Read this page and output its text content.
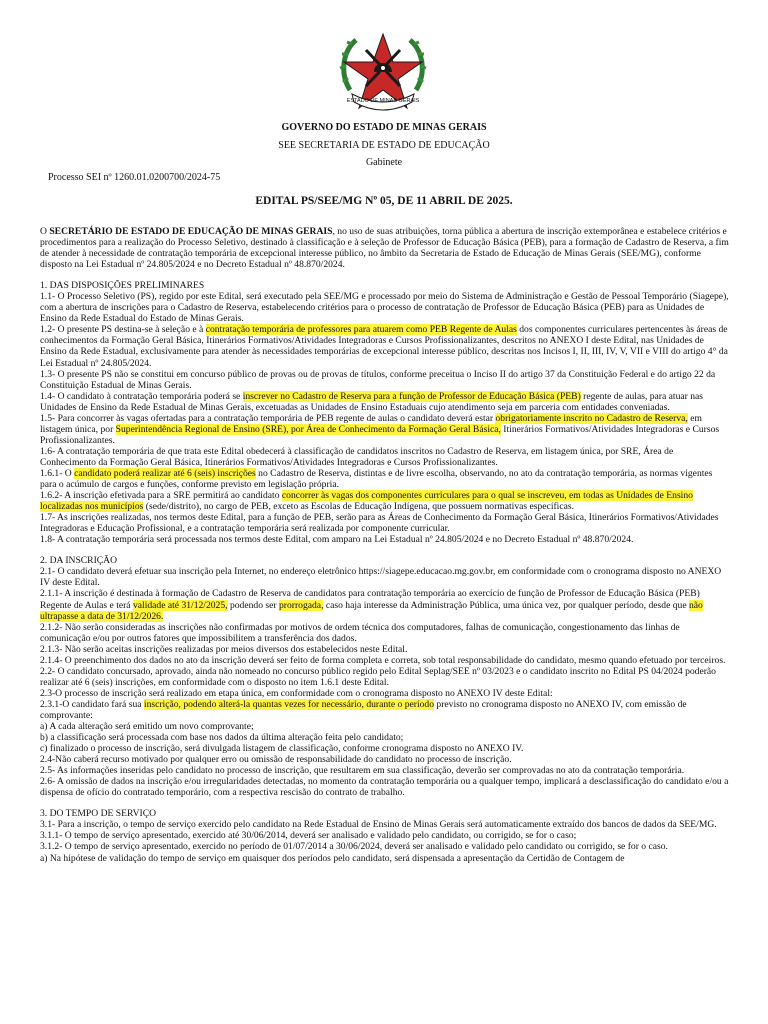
ESTADO DE MINAS GERAIS
GOVERNO DO ESTADO DE MINAS GERAIS
SEE SECRETARIA DE ESTADO DE EDUCAÇÃO
Gabinete
Processo SEI nº 1260.01.0200700/2024-75
EDITAL PS/SEE/MG Nº 05, DE 11 ABRIL DE 2025.

O SECRETÁRIO DE ESTADO DE EDUCAÇÃO DE MINAS GERAIS, no uso de suas atribuições, torna pública a abertura de inscrição extemporânea e estabelece critérios e procedimentos para a realização do Processo Seletivo, destinado à classificação e à seleção de Professor de Educação Básica (PEB), para a formação de Cadastro de Reserva, a fim de atender à necessidade de contratação temporária de excepcional interesse público, no âmbito da Secretaria de Estado de Educação de Minas Gerais (SEE/MG), conforme disposto na Lei Estadual nº 24.805/2024 e no Decreto Estadual nº 48.870/2024.

1. DAS DISPOSIÇÕES PRELIMINARES

1.1- O Processo Seletivo (PS), regido por este Edital, será executado pela SEE/MG e processado por meio do Sistema de Administração e Gestão de Pessoal Temporário (Siagepe), com a abertura de inscrições para o Cadastro de Reserva, estabelecendo critérios para o processo de contratação de Professor de Educação Básica (PEB) para as Unidades de Ensino da Rede Estadual do Estado de Minas Gerais.

1.2- O presente PS destina-se à seleção e à contratação temporária de professores para atuarem como PEB Regente de Aulas dos componentes curriculares pertencentes às áreas de conhecimentos da Formação Geral Básica, Itinerários Formativos/Atividades Integradoras e Cursos Profissionalizantes, descritos no ANEXO I deste Edital, nas Unidades de Ensino da Rede Estadual, exclusivamente para atender às necessidades temporárias de excepcional interesse público, descritas nos Incisos I, II, III, IV, V, VII e VIII do artigo 4° da Lei Estadual nº 24.805/2024.

1.3- O presente PS não se constitui em concurso público de provas ou de provas de títulos, conforme preceitua o Inciso II do artigo 37 da Constituição Federal e do artigo 22 da Constituição Estadual de Minas Gerais.

1.4- O candidato à contratação temporária poderá se inscrever no Cadastro de Reserva para a função de Professor de Educação Básica (PEB) regente de aulas, para atuar nas Unidades de Ensino da Rede Estadual de Minas Gerais, excetuadas as Unidades de Ensino Estaduais cujo atendimento seja em parceria com entidades conveniadas.

1.5- Para concorrer às vagas ofertadas para a contratação temporária de PEB regente de aulas o candidato deverá estar obrigatoriamente inscrito no Cadastro de Reserva, em listagem única, por Superintendência Regional de Ensino (SRE), por Área de Conhecimento da Formação Geral Básica, Itinerários Formativos/Atividades Integradoras e Cursos Profissionalizantes.

1.6- A contratação temporária de que trata este Edital obedecerá à classificação de candidatos inscritos no Cadastro de Reserva, em listagem única, por SRE, Área de Conhecimento da Formação Geral Básica, Itinerários Formativos/Atividades Integradoras e Cursos Profissionalizantes.

1.6.1- O candidato poderá realizar até 6 (seis) inscrições no Cadastro de Reserva, distintas e de livre escolha, observando, no ato da contratação temporária, as normas vigentes para o acúmulo de cargos e funções, conforme previsto em legislação própria.

1.6.2- A inscrição efetivada para a SRE permitirá ao candidato concorrer às vagas dos componentes curriculares para o qual se inscreveu, em todas as Unidades de Ensino localizadas nos municípios (sede/distrito), no cargo de PEB, exceto as Escolas de Educação Indígena, que possuem normativas específicas.

1.7- As inscrições realizadas, nos termos deste Edital, para a função de PEB, serão para as Áreas de Conhecimento da Formação Geral Básica, Itinerários Formativos/Atividades Integradoras e Educação Profissional, e a contratação temporária será realizada por componente curricular.

1.8- A contratação temporária será processada nos termos deste Edital, com amparo na Lei Estadual nº 24.805/2024 e no Decreto Estadual nº 48.870/2024.

2. DA INSCRIÇÃO

2.1- O candidato deverá efetuar sua inscrição pela Internet, no endereço eletrônico https://siagepe.educacao.mg.gov.br, em conformidade com o cronograma disposto no ANEXO IV deste Edital.

2.1.1- A inscrição é destinada à formação de Cadastro de Reserva de candidatos para contratação temporária ao exercício de função de Professor de Educação Básica (PEB) Regente de Aulas e terá validade até 31/12/2025, podendo ser prorrogada, caso haja interesse da Administração Pública, uma única vez, por qualquer período, desde que não ultrapasse a data de 31/12/2026.

2.1.2- Não serão consideradas as inscrições não confirmadas por motivos de ordem técnica dos computadores, falhas de comunicação, congestionamento das linhas de comunicação e/ou por outros fatores que impossibilitem a transferência dos dados.

2.1.3- Não serão aceitas inscrições realizadas por meios diversos dos estabelecidos neste Edital.

2.1.4- O preenchimento dos dados no ato da inscrição deverá ser feito de forma completa e correta, sob total responsabilidade do candidato, mesmo quando efetuado por terceiros.

2.2- O candidato concursado, aprovado, ainda não nomeado no concurso público regido pelo Edital Seplag/SEE nº 03/2023 e o candidato inscrito no Edital PS 04/2024 poderão realizar até 6 (seis) inscrições, em conformidade com o disposto no item 1.6.1 deste Edital.

2.3-O processo de inscrição será realizado em etapa única, em conformidade com o cronograma disposto no ANEXO IV deste Edital:

2.3.1-O candidato fará sua inscrição, podendo alterá-la quantas vezes for necessário, durante o período previsto no cronograma disposto no ANEXO IV, com emissão de comprovante:

a) A cada alteração será emitido um novo comprovante;

b) a classificação será processada com base nos dados da última alteração feita pelo candidato;

c) finalizado o processo de inscrição, será divulgada listagem de classificação, conforme cronograma disposto no ANEXO IV.

2.4-Não caberá recurso motivado por qualquer erro ou omissão de responsabilidade do candidato no processo de inscrição.

2.5- As informações inseridas pelo candidato no processo de inscrição, que resultarem em sua classificação, deverão ser comprovadas no ato da contratação temporária.

2.6- A omissão de dados na inscrição e/ou irregularidades detectadas, no momento da contratação temporária ou a qualquer tempo, implicará a desclassificação do candidato e/ou a dispensa de ofício do contratado temporário, com a respectiva rescisão do contrato de trabalho.

3. DO TEMPO DE SERVIÇO

3.1- Para a inscrição, o tempo de serviço exercido pelo candidato na Rede Estadual de Ensino de Minas Gerais será automaticamente extraído dos bancos de dados da SEE/MG.

3.1.1- O tempo de serviço apresentado, exercido até 30/06/2014, deverá ser analisado e validado pelo candidato, ou corrigido, se for o caso;

3.1.2- O tempo de serviço apresentado, exercido no período de 01/07/2014 a 30/06/2024, deverá ser analisado e validado pelo candidato ou corrigido, se for o caso.

a) Na hipótese de validação do tempo de serviço em quaisquer dos períodos pelo candidato, será dispensada a apresentação da Certidão de Contagem de
